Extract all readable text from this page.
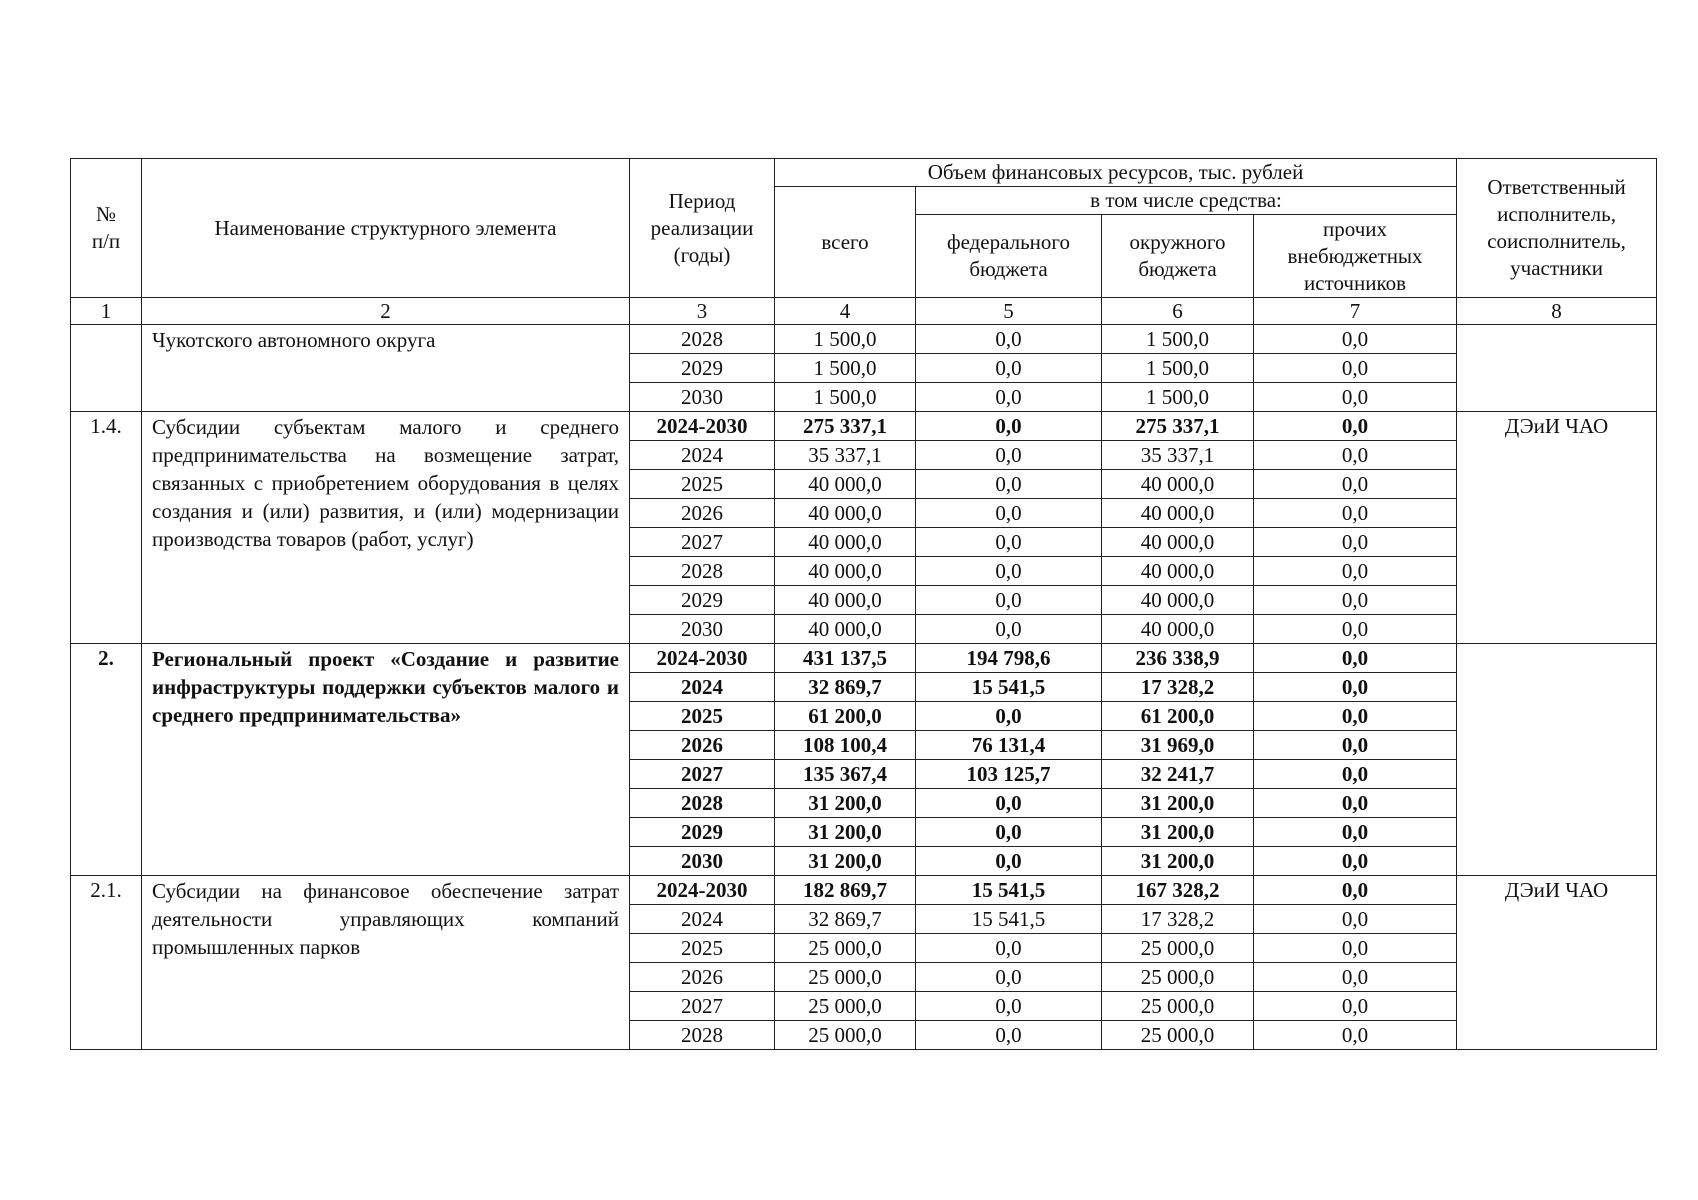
№
п/п	Наименование структурного элемента	Период реализации (годы)	Объем финансовых ресурсов, тыс. рублей				Ответственный исполнитель, соисполнитель, участники
			всего	в том числе средства:			
				федерального бюджета	окружного бюджета	прочих внебюджетных источников	
1	2	3	4	5	6	7	8
	Чукотского автономного округа	2028	1 500,0	0,0	1 500,0	0,0	
		2029	1 500,0	0,0	1 500,0	0,0	
		2030	1 500,0	0,0	1 500,0	0,0	
1.4.	Субсидии субъектам малого и среднего предпринимательства на возмещение затрат, связанных с приобретением оборудования в целях создания и (или) развития, и (или) модернизации производства товаров (работ, услуг)	2024-2030	275 337,1	0,0	275 337,1	0,0	ДЭиИ ЧАО
		2024	35 337,1	0,0	35 337,1	0,0	
		2025	40 000,0	0,0	40 000,0	0,0	
		2026	40 000,0	0,0	40 000,0	0,0	
		2027	40 000,0	0,0	40 000,0	0,0	
		2028	40 000,0	0,0	40 000,0	0,0	
		2029	40 000,0	0,0	40 000,0	0,0	
		2030	40 000,0	0,0	40 000,0	0,0	
2.	Региональный проект «Создание и развитие инфраструктуры поддержки субъектов малого и среднего предпринимательства»	2024-2030	431 137,5	194 798,6	236 338,9	0,0	
		2024	32 869,7	15 541,5	17 328,2	0,0	
		2025	61 200,0	0,0	61 200,0	0,0	
		2026	108 100,4	76 131,4	31 969,0	0,0	
		2027	135 367,4	103 125,7	32 241,7	0,0	
		2028	31 200,0	0,0	31 200,0	0,0	
		2029	31 200,0	0,0	31 200,0	0,0	
		2030	31 200,0	0,0	31 200,0	0,0	
2.1.	Субсидии на финансовое обеспечение затрат деятельности управляющих компаний промышленных парков	2024-2030	182 869,7	15 541,5	167 328,2	0,0	ДЭиИ ЧАО
		2024	32 869,7	15 541,5	17 328,2	0,0	
		2025	25 000,0	0,0	25 000,0	0,0	
		2026	25 000,0	0,0	25 000,0	0,0	
		2027	25 000,0	0,0	25 000,0	0,0	
		2028	25 000,0	0,0	25 000,0	0,0	
